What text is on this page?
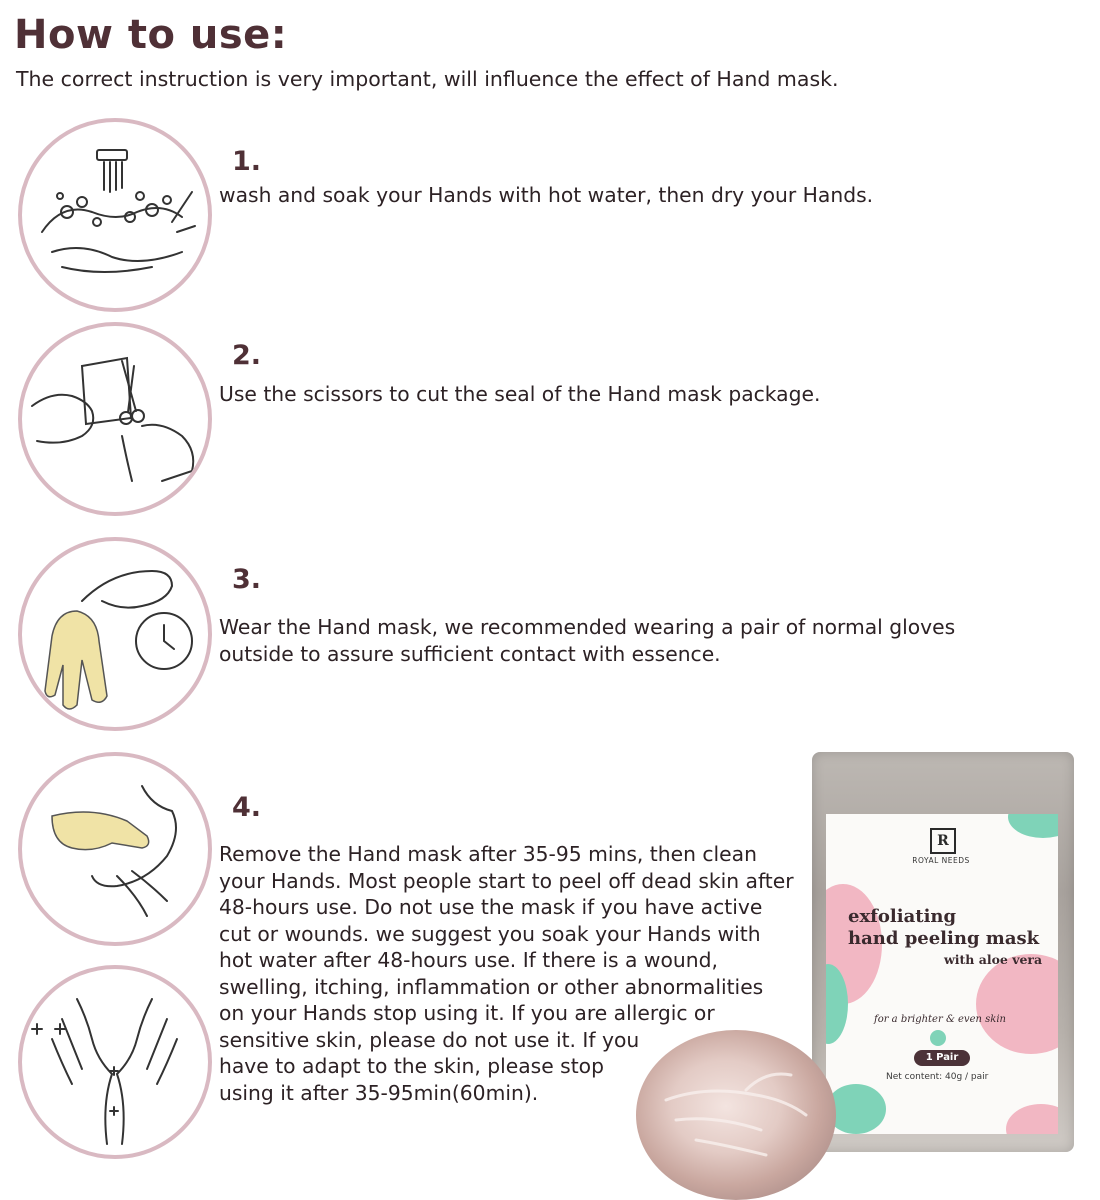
How to use:
The correct instruction is very important, will influence the effect of Hand mask.
1.
wash and soak your Hands with hot water, then dry your Hands.
2.
Use the scissors to cut the seal of the Hand mask package.
3.
Wear the Hand mask, we recommended wearing a pair of normal gloves
outside to assure sufficient contact with essence.
4.
Remove the Hand mask after 35-95 mins, then clean
your Hands. Most people start to peel off dead skin after
48-hours use. Do not use the mask if you have active
cut or wounds. we suggest you soak your Hands with
hot water after 48-hours use. If there is a wound,
swelling, itching, inflammation or other abnormalities
on your Hands stop using it. If you are allergic or
sensitive skin, please do not use it. If you
have to adapt to the skin, please stop
using it after 35-95min(60min).
R
ROYAL NEEDS
exfoliating
hand peeling mask
with aloe vera
for a brighter & even skin
1 Pair
Net content: 40g / pair
